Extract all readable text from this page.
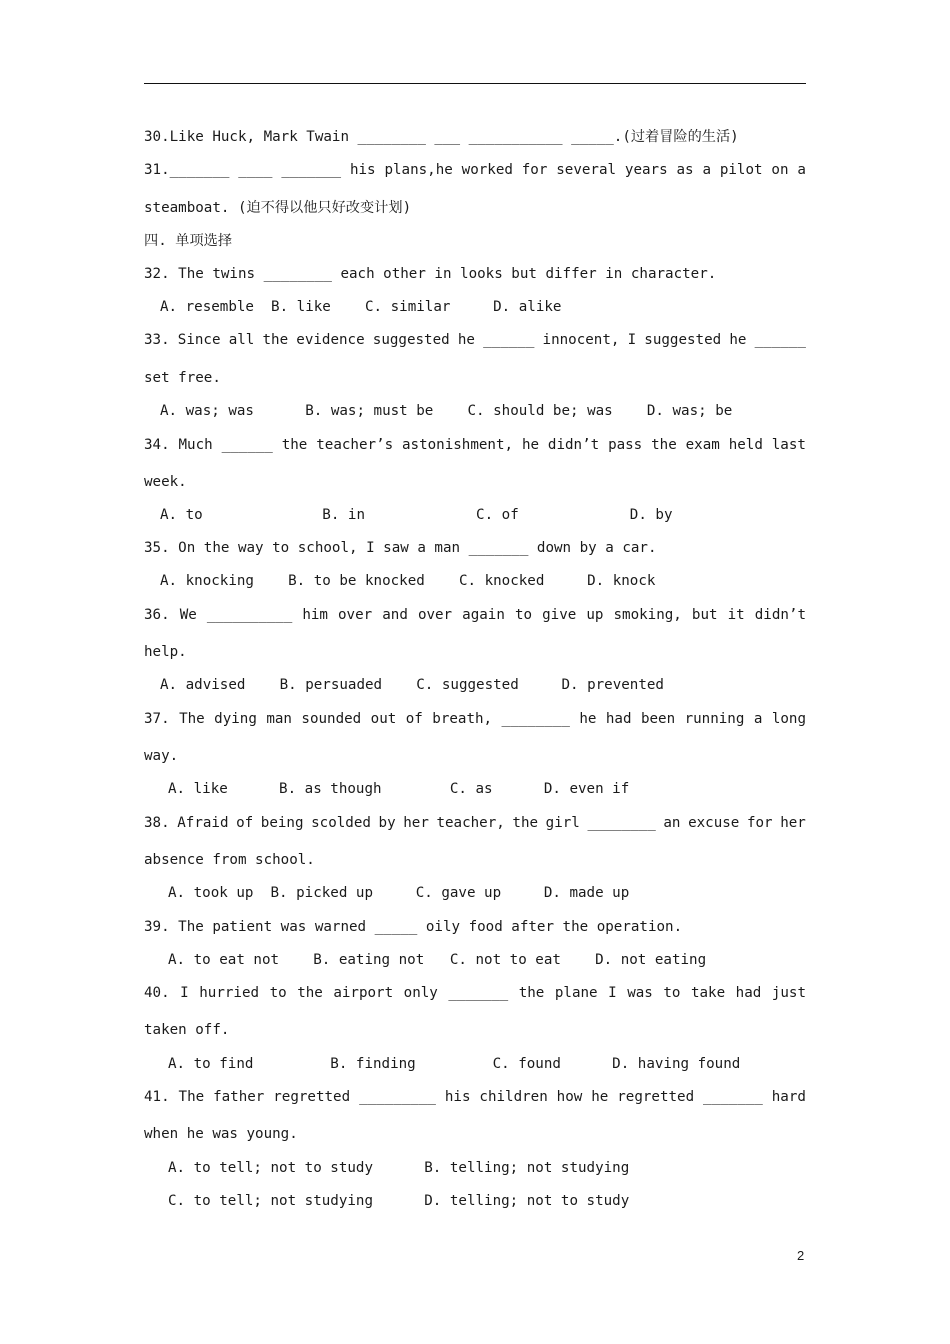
30.Like Huck, Mark Twain ________ ___ ___________ _____.(过着冒险的生活)
31._______ ____ _______ his plans,he worked for several years as a pilot on a
steamboat. (迫不得以他只好改变计划)
四. 单项选择
32. The twins ________ each other in looks but differ in character.
A. resemble  B. like    C. similar     D. alike
33. Since all the evidence suggested he ______ innocent, I suggested he ______
set free.
A. was; was      B. was; must be    C. should be; was    D. was; be
34. Much ______ the teacher’s astonishment, he didn’t pass the exam held last
week.
A. to              B. in             C. of             D. by
35. On the way to school, I saw a man _______ down by a car.
A. knocking    B. to be knocked    C. knocked     D. knock
36. We __________ him over and over again to give up smoking, but it didn’t
help.
A. advised    B. persuaded    C. suggested     D. prevented
37. The dying man sounded out of breath, ________ he had been running a long
way.
A. like      B. as though        C. as      D. even if
38. Afraid of being scolded by her teacher, the girl ________ an excuse for her
absence from school.
A. took up  B. picked up     C. gave up     D. made up
39. The patient was warned _____ oily food after the operation.
A. to eat not    B. eating not   C. not to eat    D. not eating
40. I hurried to the airport only _______ the plane I was to take had just
taken off.
A. to find         B. finding         C. found      D. having found
41. The father regretted _________ his children how he regretted _______ hard
when he was young.
A. to tell; not to study      B. telling; not studying
C. to tell; not studying      D. telling; not to study
2
